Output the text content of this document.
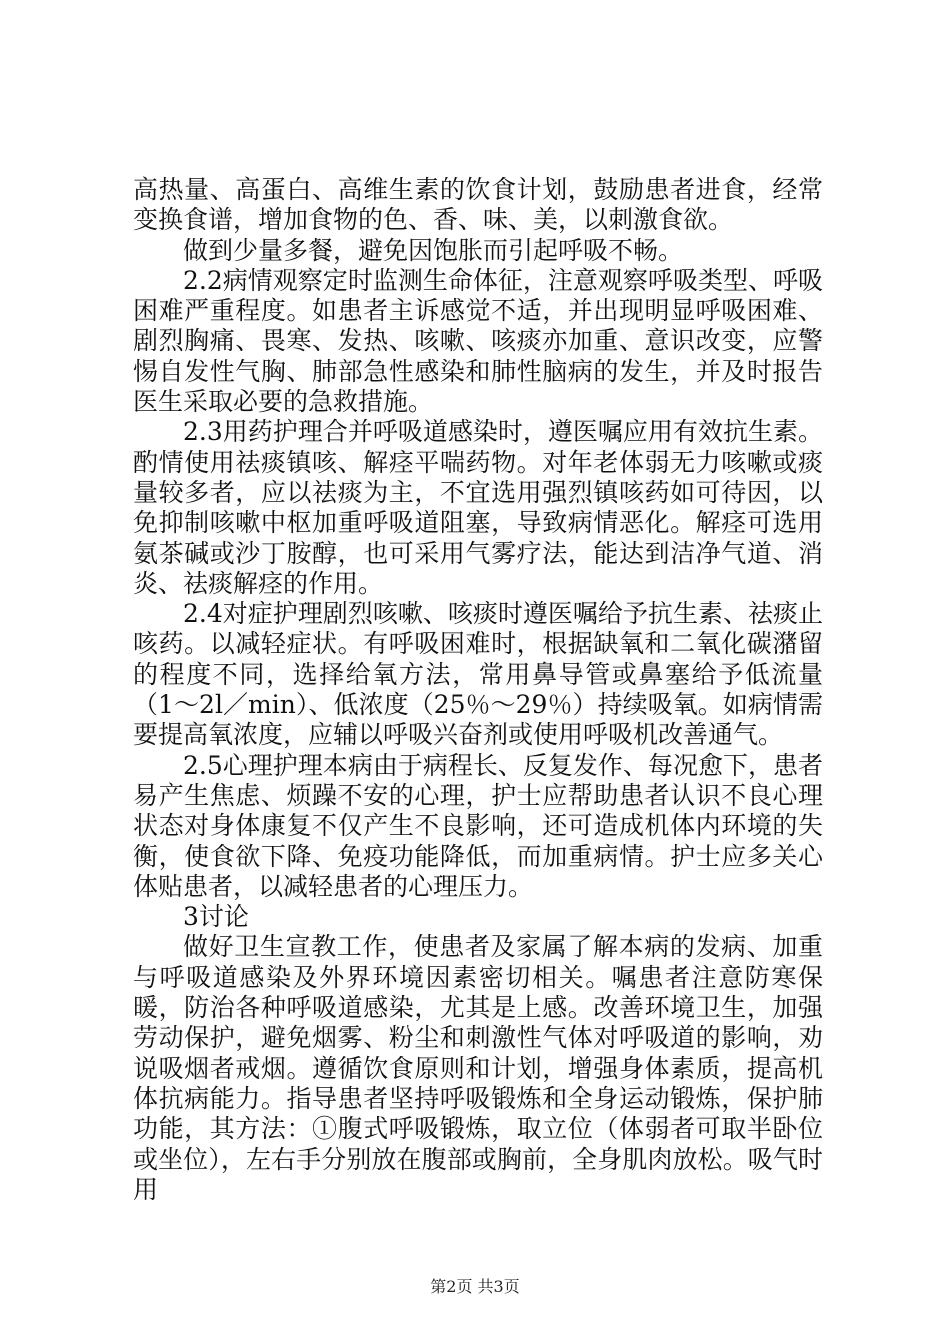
高热量、高蛋白、高维生素的饮食计划，鼓励患者进食，经常变换食谱，增加食物的色、香、味、美，以刺激食欲。

做到少量多餐，避免因饱胀而引起呼吸不畅。

2.2病情观察定时监测生命体征，注意观察呼吸类型、呼吸困难严重程度。如患者主诉感觉不适，并出现明显呼吸困难、剧烈胸痛、畏寒、发热、咳嗽、咳痰亦加重、意识改变，应警惕自发性气胸、肺部急性感染和肺性脑病的发生，并及时报告医生采取必要的急救措施。

2.3用药护理合并呼吸道感染时，遵医嘱应用有效抗生素。酌情使用祛痰镇咳、解痉平喘药物。对年老体弱无力咳嗽或痰量较多者，应以祛痰为主，不宜选用强烈镇咳药如可待因，以免抑制咳嗽中枢加重呼吸道阻塞，导致病情恶化。解痉可选用氨茶碱或沙丁胺醇，也可采用气雾疗法，能达到洁净气道、消炎、祛痰解痉的作用。

2.4对症护理剧烈咳嗽、咳痰时遵医嘱给予抗生素、祛痰止咳药。以减轻症状。有呼吸困难时，根据缺氧和二氧化碳潴留的程度不同，选择给氧方法，常用鼻导管或鼻塞给予低流量（1～2l／min）、低浓度（25％～29％）持续吸氧。如病情需要提高氧浓度，应辅以呼吸兴奋剂或使用呼吸机改善通气。

2.5心理护理本病由于病程长、反复发作、每况愈下，患者易产生焦虑、烦躁不安的心理，护士应帮助患者认识不良心理状态对身体康复不仅产生不良影响，还可造成机体内环境的失衡，使食欲下降、免疫功能降低，而加重病情。护士应多关心体贴患者，以减轻患者的心理压力。

3讨论

做好卫生宣教工作，使患者及家属了解本病的发病、加重与呼吸道感染及外界环境因素密切相关。嘱患者注意防寒保暖，防治各种呼吸道感染，尤其是上感。改善环境卫生，加强劳动保护，避免烟雾、粉尘和刺激性气体对呼吸道的影响，劝说吸烟者戒烟。遵循饮食原则和计划，增强身体素质，提高机体抗病能力。指导患者坚持呼吸锻炼和全身运动锻炼，保护肺功能，其方法：①腹式呼吸锻炼，取立位（体弱者可取半卧位或坐位），左右手分别放在腹部或胸前，全身肌肉放松。吸气时用

第2页 共3页
